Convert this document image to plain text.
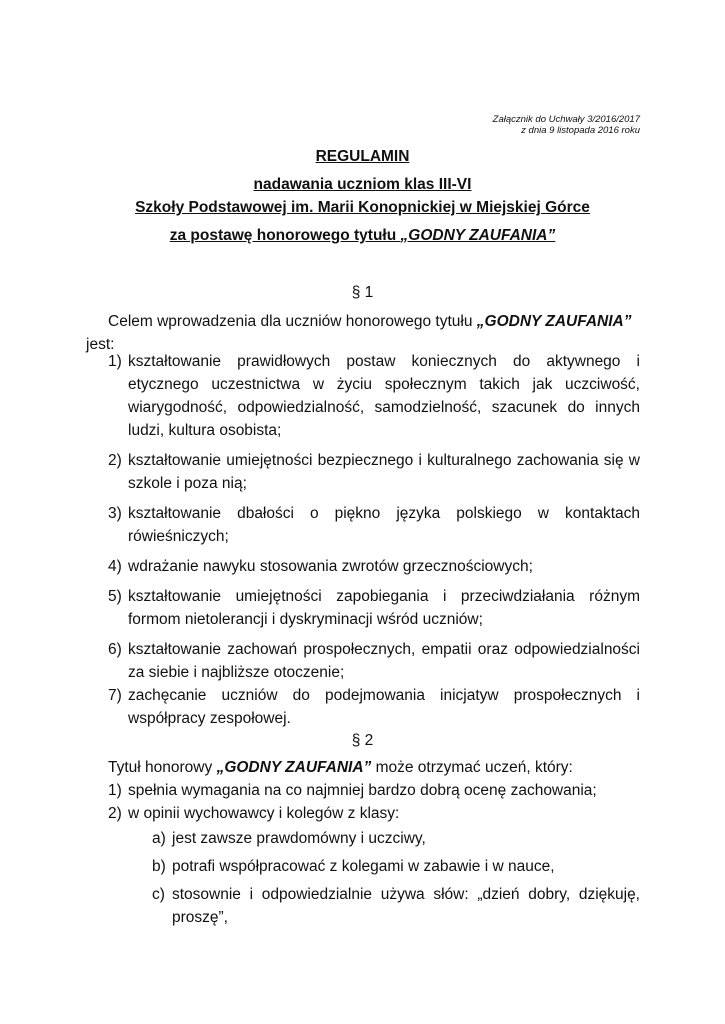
Załącznik do Uchwały 3/2016/2017
z dnia 9 listopada 2016 roku
REGULAMIN
nadawania uczniom klas III-VI
Szkoły Podstawowej im. Marii Konopnickiej w Miejskiej Górce
za postawę honorowego tytułu „GODNY ZAUFANIA”
§ 1
Celem wprowadzenia dla uczniów honorowego tytułu „GODNY ZAUFANIA”
jest:
1) kształtowanie prawidłowych postaw koniecznych do aktywnego i etycznego uczestnictwa w życiu społecznym takich jak uczciwość, wiarygodność, odpowiedzialność, samodzielność, szacunek do innych ludzi, kultura osobista;
2) kształtowanie umiejętności bezpiecznego i kulturalnego zachowania się w szkole i poza nią;
3) kształtowanie dbałości o piękno języka polskiego w kontaktach rówieśniczych;
4) wdrażanie nawyku stosowania zwrotów grzecznościowych;
5) kształtowanie umiejętności zapobiegania i przeciwdziałania różnym formom nietolerancji i dyskryminacji wśród uczniów;
6) kształtowanie zachowań prospołecznych, empatii oraz odpowiedzialności za siebie i najbliższe otoczenie;
7) zachęcanie uczniów do podejmowania inicjatyw prospołecznych i współpracy zespołowej.
§ 2
Tytuł honorowy „GODNY ZAUFANIA” może otrzymać uczeń, który:
1) spełnia wymagania na co najmniej bardzo dobrą ocenę zachowania;
2) w opinii wychowawcy i kolegów z klasy:
a) jest zawsze prawdomówny i uczciwy,
b) potrafi współpracować z kolegami w zabawie i w nauce,
c) stosownie i odpowiedzialnie używa słów: „dzień dobry, dziękuję, proszę”,
